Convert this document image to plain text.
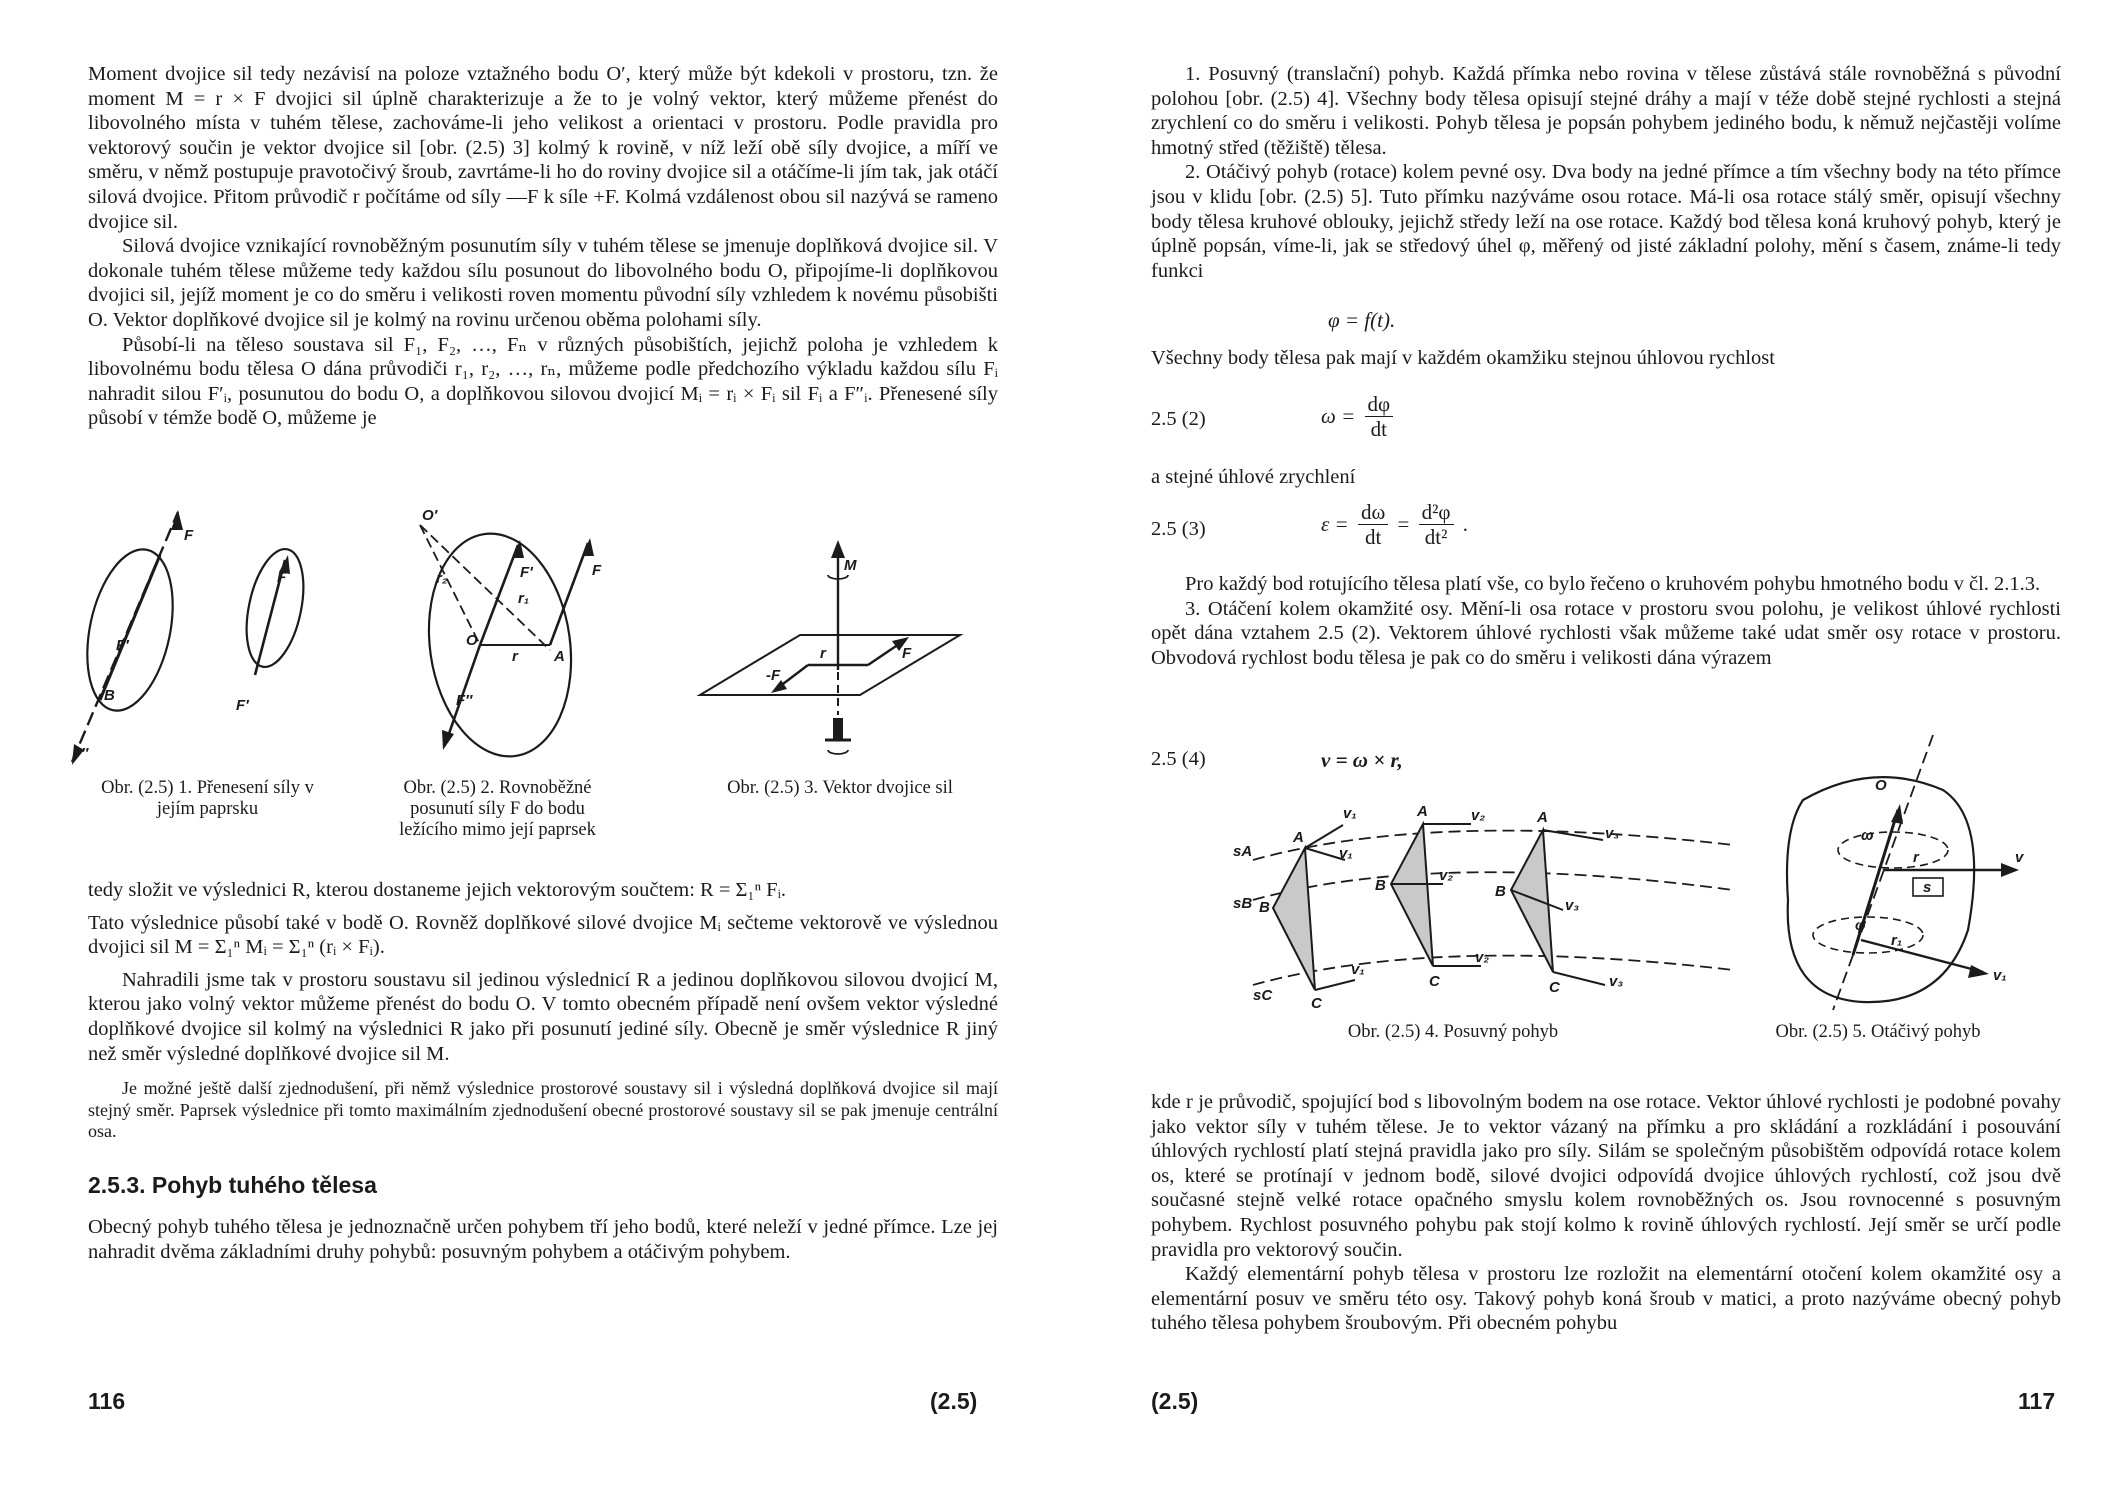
Moment dvojice sil tedy nezávisí na poloze vztažného bodu O′, který může být kdekoli v prostoru, tzn. že moment M = r × F dvojici sil úplně charakterizuje a že to je volný vektor, který můžeme přenést do libovolného místa v tuhém tělese, zachováme-li jeho velikost a orientaci v prostoru. Podle pravidla pro vektorový součin je vektor dvojice sil [obr. (2.5) 3] kolmý k rovině, v níž leží obě síly dvojice, a míří ve směru, v němž postupuje pravotočivý šroub, zavrtáme-li ho do roviny dvojice sil a otáčíme-li jím tak, jak otáčí silová dvojice. Přitom průvodič r počítáme od síly —F k síle +F. Kolmá vzdálenost obou sil nazývá se rameno dvojice sil.

Silová dvojice vznikající rovnoběžným posunutím síly v tuhém tělese se jmenuje doplňková dvojice sil. V dokonale tuhém tělese můžeme tedy každou sílu posunout do libovolného bodu O, připojíme-li doplňkovou dvojici sil, jejíž moment je co do směru i velikosti roven momentu původní síly vzhledem k novému působišti O. Vektor doplňkové dvojice sil je kolmý na rovinu určenou oběma polohami síly.

Působí-li na těleso soustava sil F₁, F₂, …, Fₙ v různých působištích, jejichž poloha je vzhledem k libovolnému bodu tělesa O dána průvodiči r₁, r₂, …, rₙ, můžeme podle předchozího výkladu každou sílu Fᵢ nahradit silou F′ᵢ, posunutou do bodu O, a doplňkovou silovou dvojicí Mᵢ = rᵢ × Fᵢ sil Fᵢ a F″ᵢ. Přenesené síly působí v témže bodě O, můžeme je

F
F
F′
F′
B
F″
O′
r₂
r₁
F′	F
O
r A
F″
M
r	F
-F
Obr. (2.5) 1. Přenesení síly v jejím paprsku
Obr. (2.5) 2. Rovnoběžné posunutí síly F do bodu ležícího mimo její paprsek
Obr. (2.5) 3. Vektor dvojice sil

tedy složit ve výslednici R, kterou dostaneme jejich vektorovým součtem: R = Σ₁ⁿ Fᵢ.

Tato výslednice působí také v bodě O. Rovněž doplňkové silové dvojice Mᵢ sečteme vektorově ve výslednou dvojici sil M = Σ₁ⁿ Mᵢ = Σ₁ⁿ (rᵢ × Fᵢ).

Nahradili jsme tak v prostoru soustavu sil jedinou výslednicí R a jedinou doplňkovou silovou dvojicí M, kterou jako volný vektor můžeme přenést do bodu O. V tomto obecném případě není ovšem vektor výsledné doplňkové dvojice sil kolmý na výslednici R jako při posunutí jediné síly. Obecně je směr výslednice R jiný než směr výsledné doplňkové dvojice sil M.

Je možné ještě další zjednodušení, při němž výslednice prostorové soustavy sil i výsledná doplňková dvojice sil mají stejný směr. Paprsek výslednice při tomto maximálním zjednodušení obecné prostorové soustavy sil se pak jmenuje centrální osa.

2.5.3. Pohyb tuhého tělesa

Obecný pohyb tuhého tělesa je jednoznačně určen pohybem tří jeho bodů, které neleží v jedné přímce. Lze jej nahradit dvěma základními druhy pohybů: posuvným pohybem a otáčivým pohybem.

116	(2.5)

1. Posuvný (translační) pohyb. Každá přímka nebo rovina v tělese zůstává stále rovnoběžná s původní polohou [obr. (2.5) 4]. Všechny body tělesa opisují stejné dráhy a mají v téže době stejné rychlosti a stejná zrychlení co do směru i velikosti. Pohyb tělesa je popsán pohybem jediného bodu, k němuž nejčastěji volíme hmotný střed (těžiště) tělesa.

2. Otáčivý pohyb (rotace) kolem pevné osy. Dva body na jedné přímce a tím všechny body na této přímce jsou v klidu [obr. (2.5) 5]. Tuto přímku nazýváme osou rotace. Má-li osa rotace stálý směr, opisují všechny body tělesa kruhové oblouky, jejichž středy leží na ose rotace. Každý bod tělesa koná kruhový pohyb, který je úplně popsán, víme-li, jak se středový úhel φ, měřený od jisté základní polohy, mění s časem, známe-li tedy funkci

φ = f(t).

Všechny body tělesa pak mají v každém okamžiku stejnou úhlovou rychlost

2.5 (2)	$\omega = \frac{d\varphi}{dt}$

a stejné úhlové zrychlení

2.5 (3)	$\varepsilon = \frac{d\omega}{dt} = \frac{\text{d²φ}}{\text{dt²}}$ .

Pro každý bod rotujícího tělesa platí vše, co bylo řečeno o kruhovém pohybu hmotného bodu v čl. 2.1.3.

3. Otáčení kolem okamžité osy. Mění-li osa rotace v prostoru svou polohu, je velikost úhlové rychlosti opět dána vztahem 2.5 (2). Vektorem úhlové rychlosti však můžeme také udat směr osy rotace v prostoru. Obvodová rychlost bodu tělesa je pak co do směru i velikosti dána výrazem

2.5 (4)	v = ω × r,
sA
sB
sC
A
B
C
A
B
C
A
B
C
v₁
v₁
v₁
v₂
v₂
v₂
v₃
v₃
v₃
O
ω
r
s
φ
r₁
v
v₁
Obr. (2.5) 4. Posuvný pohyb	Obr. (2.5) 5. Otáčivý pohyb

kde r je průvodič, spojující bod s libovolným bodem na ose rotace. Vektor úhlové rychlosti je podobné povahy jako vektor síly v tuhém tělese. Je to vektor vázaný na přímku a pro skládání a rozkládání i posouvání úhlových rychlostí platí stejná pravidla jako pro síly. Silám se společným působištěm odpovídá rotace kolem os, které se protínají v jednom bodě, silové dvojici odpovídá dvojice úhlových rychlostí, což jsou dvě současné stejně velké rotace opačného smyslu kolem rovnoběžných os. Jsou rovnocenné s posuvným pohybem. Rychlost posuvného pohybu pak stojí kolmo k rovině úhlových rychlostí. Její směr se určí podle pravidla pro vektorový součin.

Každý elementární pohyb tělesa v prostoru lze rozložit na elementární otočení kolem okamžité osy a elementární posuv ve směru této osy. Takový pohyb koná šroub v matici, a proto nazýváme obecný pohyb tuhého tělesa pohybem šroubovým. Při obecném pohybu

(2.5)	117
